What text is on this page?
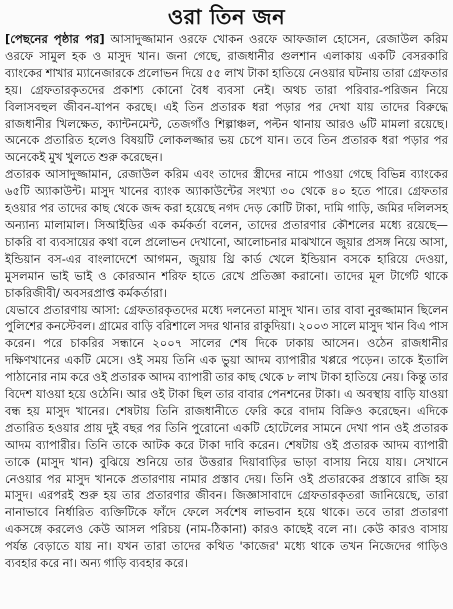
ওরা তিন জন

[পেছনের পৃষ্ঠার পর] আসাদুজ্জামান ওরফে খোকন ওরফে আফজাল হোসেন, রেজাউল করিম ওরফে সামুল হক ও মাসুদ খান। জনা গেছে, রাজধানীর গুলশান এলাকায় একটি বেসরকারি ব্যাংকের শাখার ম্যানেজারকে প্রলোভন দিয়ে ৫৫ লাখ টাকা হাতিয়ে নেওয়ার ঘটনায় তারা গ্রেফতার হয়। গ্রেফতারকৃতদের প্রকাশ্য কোনো বৈধ ব্যবসা নেই। অথচ তারা পরিবার-পরিজন নিয়ে বিলাসবহুল জীবন-যাপন করছে। এই তিন প্রতারক ধরা পড়ার পর দেখা যায় তাদের বিরুদ্ধে রাজধানীর খিলক্ষেত, ক্যান্টনমেন্ট, তেজগাঁও শিল্পাঞ্চল, পল্টন থানায় আরও ৬টি মামলা রয়েছে। অনেকে প্রতারিত হলেও বিষয়টি লোকলজ্জার ভয় চেপে যান। তবে তিন প্রতারক ধরা পড়ার পর অনেকেই মুখ খুলতে শুরু করেছেন।

প্রতারক আসাদুজ্জামান, রেজাউল করিম এবং তাদের স্ত্রীদের নামে পাওয়া গেছে বিভিন্ন ব্যাংকের ৬৫টি অ্যাকাউন্ট। মাসুদ খানের ব্যাংক অ্যাকাউন্টের সংখ্যা ৩০ থেকে ৪০ হতে পারে। গ্রেফতার হওয়ার পর তাদের কাছ থেকে জব্দ করা হয়েছে নগদ দেড় কোটি টাকা, দামি গাড়ি, জমির দলিলসহ অন্যান্য মালামাল। সিআইডির এক কর্মকর্তা বলেন, তাদের প্রতারণার কৌশলের মধ্যে রয়েছে— চাকরি বা ব্যবসায়ের কথা বলে প্রলোভন দেখানো, আলোচনার মাঝখানে জুয়ার প্রসঙ্গ নিয়ে আসা, ইন্ডিয়ান বস-এর বাংলাদেশে আগমন, জুয়ায় থ্রি কার্ড খেলে ইন্ডিয়ান বসকে হারিয়ে দেওয়া, মুসলমান ভাই ভাই ও কোরআন শরিফ হাতে রেখে প্রতিজ্ঞা করানো। তাদের মূল টার্গেট থাকে চাকরিজীবী/ অবসরপ্রাপ্ত কর্মকর্তারা।

যেভাবে প্রতারণায় আসা: গ্রেফতারকৃতদের মধ্যে দলনেতা মাসুদ খান। তার বাবা নুরজ্জামান ছিলেন পুলিশের কনস্টেবল। গ্রামের বাড়ি বরিশালে সদর থানার রাকুদিয়া। ২০০৩ সালে মাসুদ খান বিএ পাস করেন। পরে চাকরির সন্ধানে ২০০৭ সালের শেষ দিকে ঢাকায় আসেন। ওঠেন রাজধানীর দক্ষিণখানের একটি মেসে। ওই সময় তিনি এক ভুয়া আদম ব্যাপারীর খপ্পরে পড়েন। তাকে ইতালি পাঠানোর নাম করে ওই প্রতারক আদম ব্যাপারী তার কাছ থেকে ৮ লাখ টাকা হাতিয়ে নেয়। কিন্তু তার বিদেশ যাওয়া হয়ে ওঠেনি। আর ওই টাকা ছিল তার বাবার পেনশনের টাকা। এ অবস্থায় বাড়ি যাওয়া বন্ধ হয় মাসুদ খানের। শেষটায় তিনি রাজধানীতে ফেরি করে বাদাম বিক্রিও করেছেন। এদিকে প্রতারিত হওয়ার প্রায় দুই বছর পর তিনি পুরোনো একটি হোটেলের সামনে দেখা পান ওই প্রতারক আদম ব্যাপারীর। তিনি তাকে আটক করে টাকা দাবি করেন। শেষটায় ওই প্রতারক আদম ব্যাপারী তাকে (মাসুদ খান) বুঝিয়ে শুনিয়ে তার উত্তরার দিয়াবাড়ির ভাড়া বাসায় নিয়ে যায়। সেখানে নেওয়ার পর মাসুদ খানকে প্রতারণায় নামার প্রস্তাব দেয়। তিনি ওই প্রতারকের প্রস্তাবে রাজি হয় মাসুদ। এরপরই শুরু হয় তার প্রতারণার জীবন। জিজ্ঞাসাবাদে গ্রেফতারকৃতরা জানিয়েছে, তারা নানাভাবে নির্ধারিত ব্যক্তিটিকে ফাঁদে ফেলে সর্বশেষ লাভবান হয়ে থাকে। তবে তারা প্রতারণা একসঙ্গে করলেও কেউ আসল পরিচয় (নাম-ঠিকানা) কারও কাছেই বলে না। কেউ কারও বাসায় পর্যন্ত বেড়াতে যায় না। যখন তারা তাদের কথিত 'কাজের' মধ্যে থাকে তখন নিজেদের গাড়িও ব্যবহার করে না। অন্য গাড়ি ব্যবহার করে।
